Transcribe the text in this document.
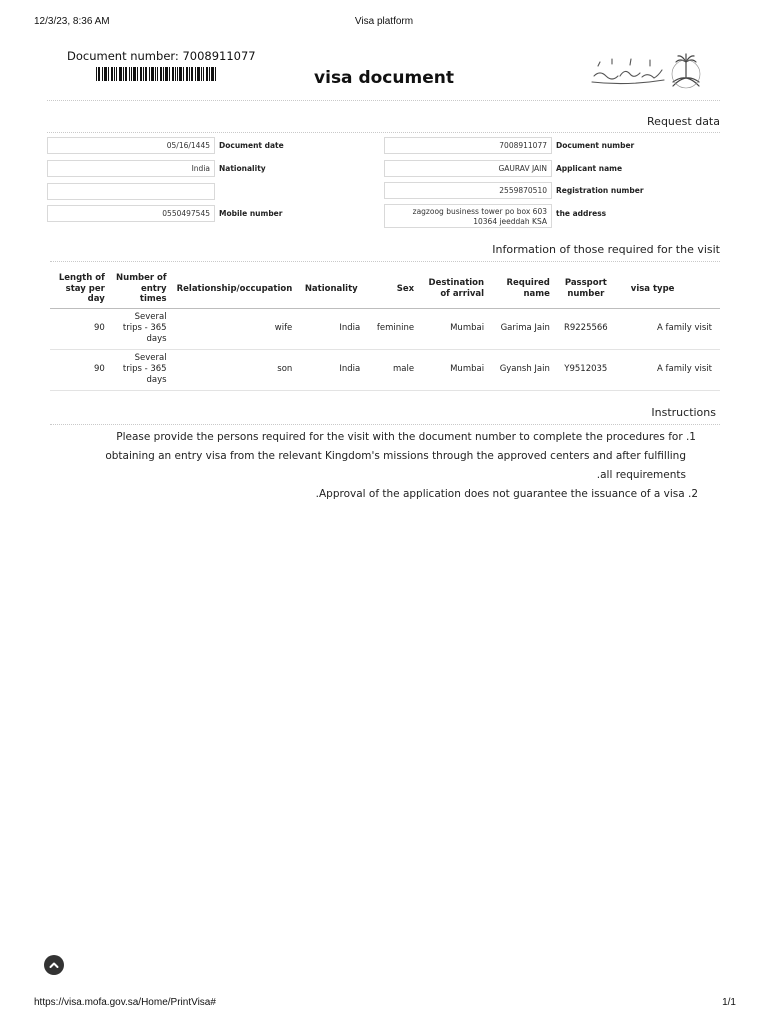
12/3/23, 8:36 AM	Visa platform
Document number: 7008911077
visa document
Request data
05/16/1445	Document date
India	Nationality
0550497545	Mobile number
7008911077	Document number
GAURAV JAIN	Applicant name
2559870510	Registration number
zagzoog business tower po box 603
10364 jeeddah KSA
the address
Information of those required for the visit
Length of stay per day	Number of entry times	Relationship/occupation	Nationality	Sex	Destination of arrival	Required name	Passport number	visa type
90	Several trips - 365 days	wife	India	feminine	Mumbai	Garima Jain	R9225566	A family visit
90	Several trips - 365 days	son	India	male	Mumbai	Gyansh Jain	Y9512035	A family visit
Instructions
Please provide the persons required for the visit with the document number to complete the procedures for .1
obtaining an entry visa from the relevant Kingdom's missions through the approved centers and after fulfilling
.all requirements
.Approval of the application does not guarantee the issuance of a visa .2
https://visa.mofa.gov.sa/Home/PrintVisa#	1/1
